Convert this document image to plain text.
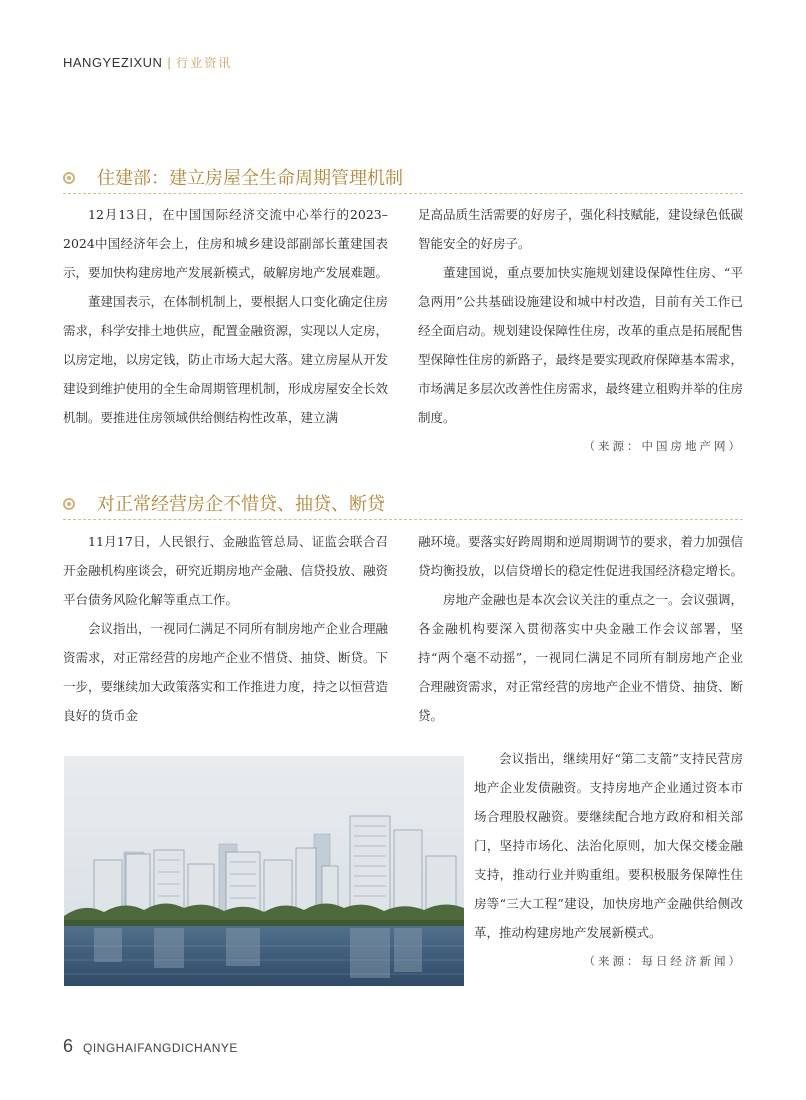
HANGYEZIXUN | 行业资讯
住建部：建立房屋全生命周期管理机制

12月13日，在中国国际经济交流中心举行的2023–2024中国经济年会上，住房和城乡建设部副部长董建国表示，要加快构建房地产发展新模式，破解房地产发展难题。

董建国表示，在体制机制上，要根据人口变化确定住房需求，科学安排土地供应，配置金融资源，实现以人定房，以房定地，以房定钱，防止市场大起大落。建立房屋从开发建设到维护使用的全生命周期管理机制，形成房屋安全长效机制。要推进住房领域供给侧结构性改革，建立满

足高品质生活需要的好房子，强化科技赋能，建设绿色低碳智能安全的好房子。

董建国说，重点要加快实施规划建设保障性住房、“平急两用”公共基础设施建设和城中村改造，目前有关工作已经全面启动。规划建设保障性住房，改革的重点是拓展配售型保障性住房的新路子，最终是要实现政府保障基本需求，市场满足多层次改善性住房需求，最终建立租购并举的住房制度。

（来源：中国房地产网）
对正常经营房企不惜贷、抽贷、断贷

11月17日，人民银行、金融监管总局、证监会联合召开金融机构座谈会，研究近期房地产金融、信贷投放、融资平台债务风险化解等重点工作。

会议指出，一视同仁满足不同所有制房地产企业合理融资需求，对正常经营的房地产企业不惜贷、抽贷、断贷。下一步，要继续加大政策落实和工作推进力度，持之以恒营造良好的货币金

融环境。要落实好跨周期和逆周期调节的要求，着力加强信贷均衡投放，以信贷增长的稳定性促进我国经济稳定增长。

房地产金融也是本次会议关注的重点之一。会议强调，各金融机构要深入贯彻落实中央金融工作会议部署，坚持“两个毫不动摇”，一视同仁满足不同所有制房地产企业合理融资需求，对正常经营的房地产企业不惜贷、抽贷、断贷。

会议指出，继续用好“第二支箭”支持民营房地产企业发债融资。支持房地产企业通过资本市场合理股权融资。要继续配合地方政府和相关部门，坚持市场化、法治化原则，加大保交楼金融支持，推动行业并购重组。要积极服务保障性住房等“三大工程”建设，加快房地产金融供给侧改革，推动构建房地产发展新模式。

（来源：每日经济新闻）
6 QINGHAIFANGDICHANYE
